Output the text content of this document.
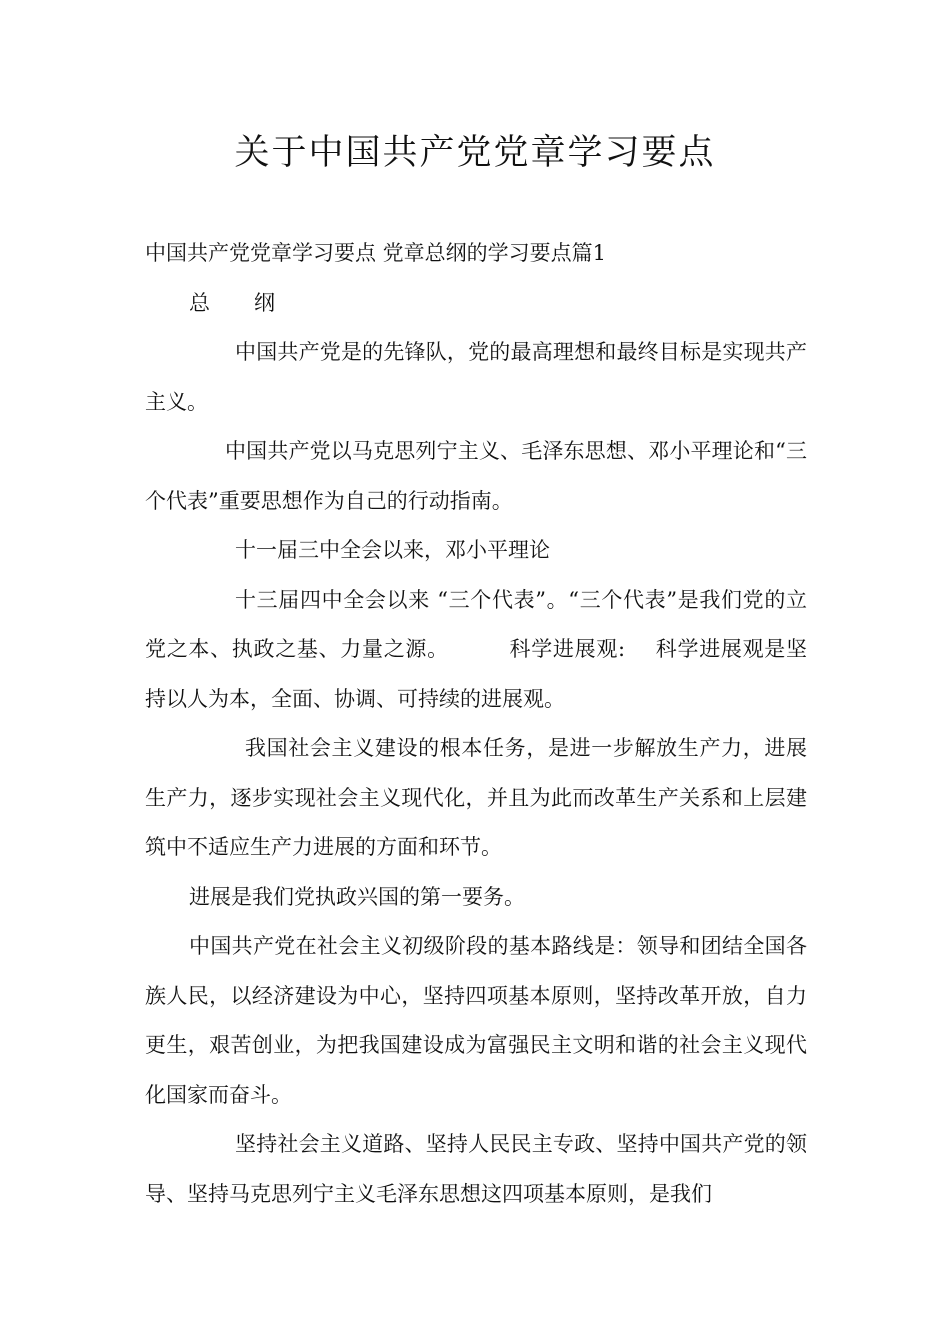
关于中国共产党党章学习要点

中国共产党党章学习要点 党章总纲的学习要点篇1

总 纲

中国共产党是的先锋队，党的最高理想和最终目标是实现共产主义。

中国共产党以马克思列宁主义、毛泽东思想、邓小平理论和“三个代表”重要思想作为自己的行动指南。

十一届三中全会以来，邓小平理论

十三届四中全会以来 “三个代表”。“三个代表”是我们党的立党之本、执政之基、力量之源。	科学进展观: 科学进展观是坚持以人为本，全面、协调、可持续的进展观。

我国社会主义建设的根本任务，是进一步解放生产力，进展生产力，逐步实现社会主义现代化，并且为此而改革生产关系和上层建筑中不适应生产力进展的方面和环节。

进展是我们党执政兴国的第一要务。

中国共产党在社会主义初级阶段的基本路线是：领导和团结全国各族人民，以经济建设为中心，坚持四项基本原则，坚持改革开放，自力更生，艰苦创业，为把我国建设成为富强民主文明和谐的社会主义现代化国家而奋斗。

坚持社会主义道路、坚持人民民主专政、坚持中国共产党的领导、坚持马克思列宁主义毛泽东思想这四项基本原则，是我们
